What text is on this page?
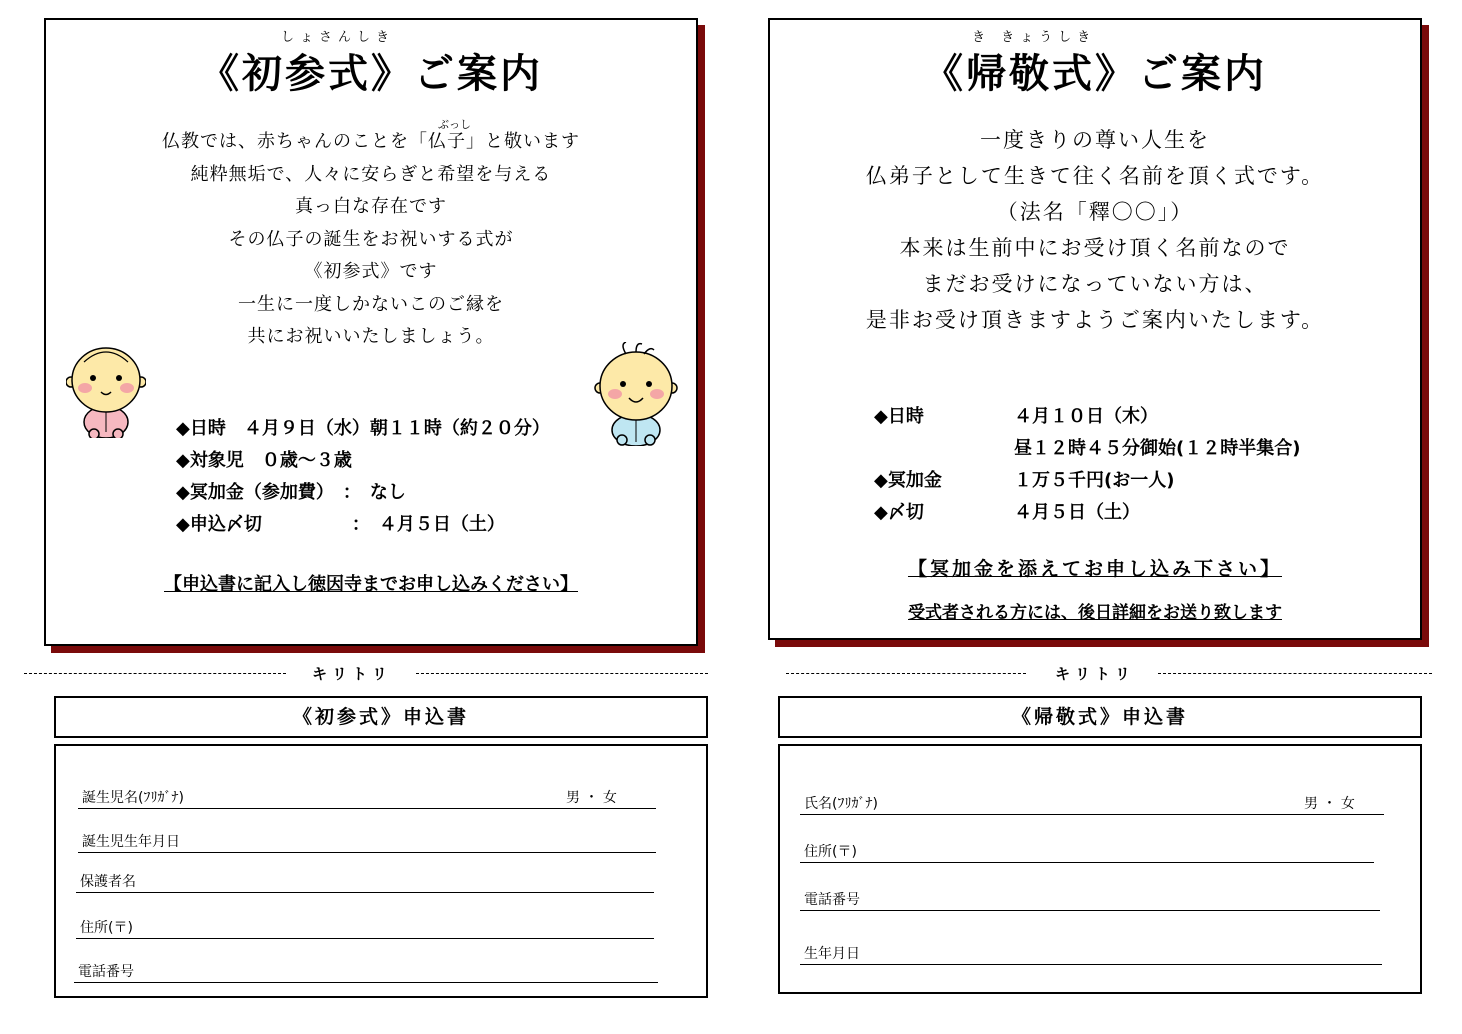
しょさんしき
《初参式》ご案内
ぶっし
仏教では、赤ちゃんのことを「仏子」と敬います
純粋無垢で、人々に安らぎと希望を与える
真っ白な存在です
その仏子の誕生をお祝いする式が
《初参式》です
一生に一度しかないこのご縁を
共にお祝いいたしましょう。
◆日時　４月９日（水）朝１１時（約２０分）
◆対象児　０歳～３歳
◆冥加金（参加費）　：　なし
◆申込〆切　　　　　：　４月５日（土）
【申込書に記入し徳因寺までお申し込みください】
き きょうしき
《帰敬式》ご案内
一度きりの尊い人生を
仏弟子として生きて往く名前を頂く式です。
（法名「釋〇〇」）
本来は生前中にお受け頂く名前なので
まだお受けになっていない方は、
是非お受け頂きますようご案内いたします。
◆日時	４月１０日（木）
昼１２時４５分御始(１２時半集合)
◆冥加金	１万５千円(お一人)
◆〆切	４月５日（土）
【冥加金を添えてお申し込み下さい】
受式者される方には、後日詳細をお送り致します
キリトリ	キリトリ
《初参式》申込書
誕生児名(ﾌﾘｶﾞﾅ)	男 ・ 女
誕生児生年月日
保護者名
住所(〒)
電話番号
《帰敬式》申込書
氏名(ﾌﾘｶﾞﾅ)	男 ・ 女
住所(〒)
電話番号
生年月日
